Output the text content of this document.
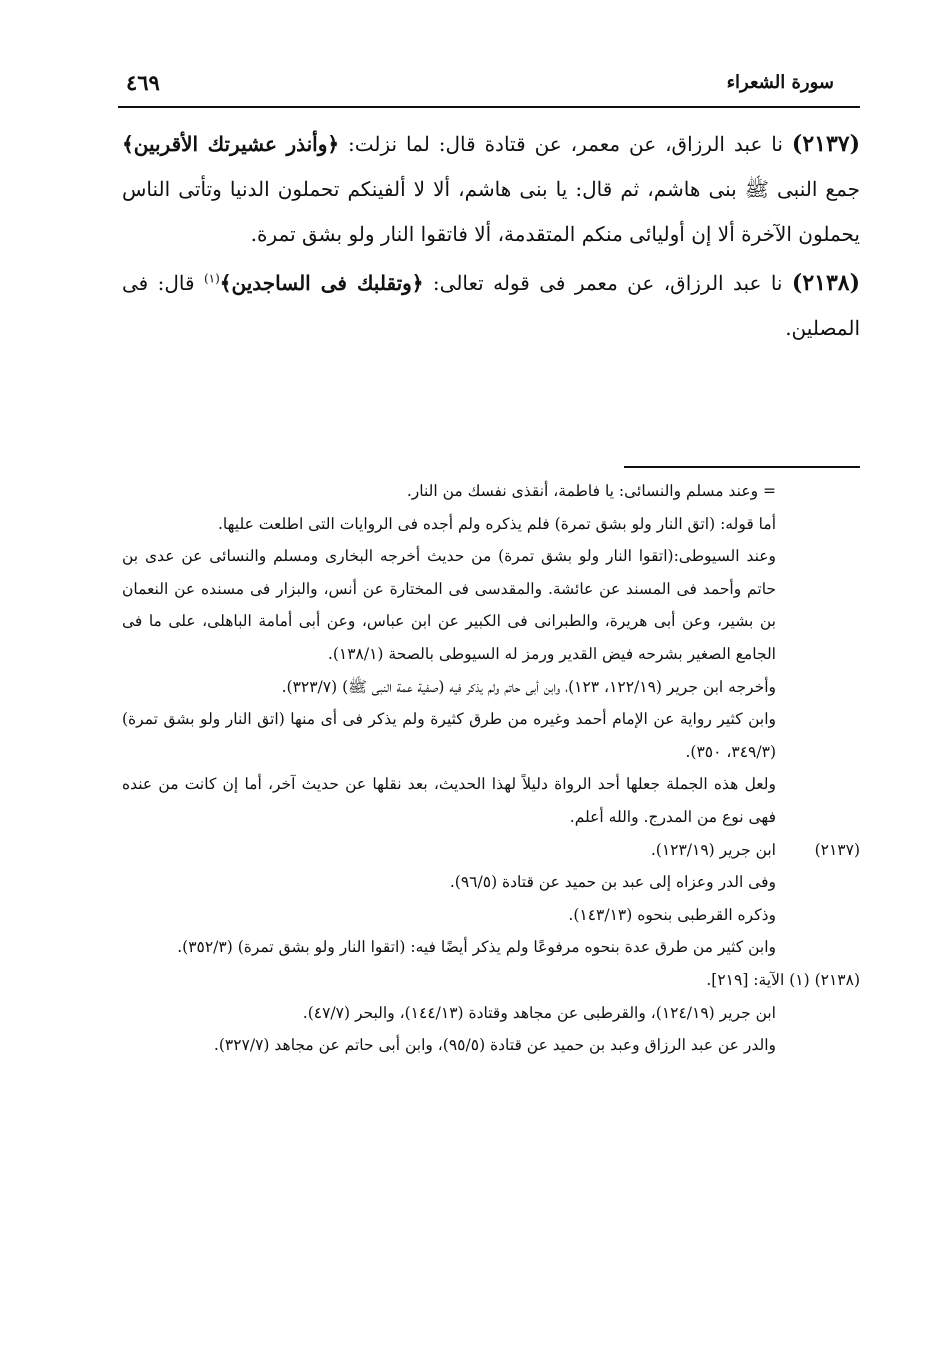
سورة الشعراء
٤٦٩

(٢١٣٧) نا عبد الرزاق، عن معمر، عن قتادة قال: لما نزلت: ﴿وأنذر عشيرتك الأقربين﴾ جمع النبى ﷺ بنى هاشم، ثم قال: يا بنى هاشم، ألا لا ألفينكم تحملون الدنيا وتأتى الناس يحملون الآخرة ألا إن أوليائى منكم المتقدمة، ألا فاتقوا النار ولو بشق تمرة.

(٢١٣٨) نا عبد الرزاق، عن معمر فى قوله تعالى: ﴿وتقلبك فى الساجدين﴾$^{(١)}$ قال: فى المصلين.

= وعند مسلم والنسائى: يا فاطمة، أنقذى نفسك من النار.

أما قوله: (اتق النار ولو بشق تمرة) فلم يذكره ولم أجده فى الروايات التى اطلعت عليها.

وعند السيوطى:(اتقوا النار ولو بشق تمرة) من حديث أخرجه البخارى ومسلم والنسائى عن عدى بن حاتم وأحمد فى المسند عن عائشة. والمقدسى فى المختارة عن أنس، والبزار فى مسنده عن النعمان بن بشير، وعن أبى هريرة، والطبرانى فى الكبير عن ابن عباس، وعن أبى أمامة الباهلى، على ما فى الجامع الصغير بشرحه فيض القدير ورمز له السيوطى بالصحة (١٣٨/١).

وأخرجه ابن جرير (١٢٢/١٩، ١٢٣)، وابن أبى حاتم ولم يذكر فيه (صفية عمة النبى ﷺ) (٣٢٣/٧).

وابن كثير رواية عن الإمام أحمد وغيره من طرق كثيرة ولم يذكر فى أى منها (اتق النار ولو بشق تمرة) (٣٤٩/٣، ٣٥٠).

ولعل هذه الجملة جعلها أحد الرواة دليلاً لهذا الحديث، بعد نقلها عن حديث آخر، أما إن كانت من عنده فهى نوع من المدرج. والله أعلم.

(٢١٣٧)

ابن جرير (١٢٣/١٩).

وفى الدر وعزاه إلى عبد بن حميد عن قتادة (٩٦/٥).

وذكره القرطبى بنحوه (١٤٣/١٣).

وابن كثير من طرق عدة بنحوه مرفوعًا ولم يذكر أيضًا فيه: (اتقوا النار ولو بشق تمرة) (٣٥٢/٣).

(٢١٣٨) (١) الآية: [٢١٩].

ابن جرير (١٢٤/١٩)، والقرطبى عن مجاهد وقتادة (١٤٤/١٣)، والبحر (٤٧/٧).

والدر عن عبد الرزاق وعبد بن حميد عن قتادة (٩٥/٥)، وابن أبى حاتم عن مجاهد (٣٢٧/٧).
